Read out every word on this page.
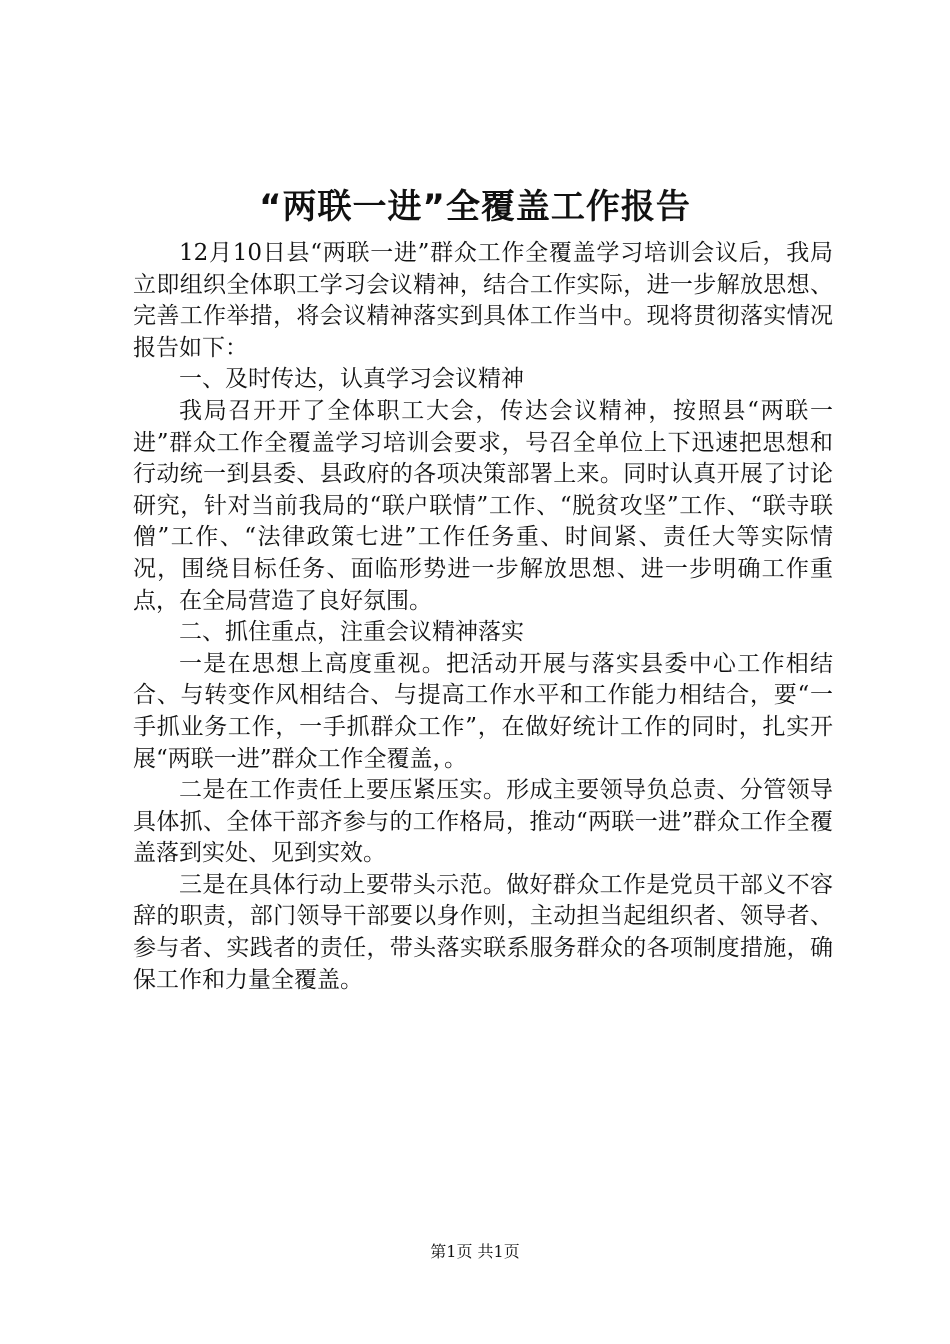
“两联一进”全覆盖工作报告

12月10日县“两联一进”群众工作全覆盖学习培训会议后，我局立即组织全体职工学习会议精神，结合工作实际，进一步解放思想、完善工作举措，将会议精神落实到具体工作当中。现将贯彻落实情况报告如下：

一、及时传达，认真学习会议精神

我局召开开了全体职工大会，传达会议精神，按照县“两联一进”群众工作全覆盖学习培训会要求，号召全单位上下迅速把思想和行动统一到县委、县政府的各项决策部署上来。同时认真开展了讨论研究，针对当前我局的“联户联情”工作、“脱贫攻坚”工作、“联寺联僧”工作、“法律政策七进”工作任务重、时间紧、责任大等实际情况，围绕目标任务、面临形势进一步解放思想、进一步明确工作重点，在全局营造了良好氛围。

二、抓住重点，注重会议精神落实

一是在思想上高度重视。把活动开展与落实县委中心工作相结合、与转变作风相结合、与提高工作水平和工作能力相结合，要“一手抓业务工作，一手抓群众工作”，在做好统计工作的同时，扎实开展“两联一进”群众工作全覆盖，。

二是在工作责任上要压紧压实。形成主要领导负总责、分管领导具体抓、全体干部齐参与的工作格局，推动“两联一进”群众工作全覆盖落到实处、见到实效。

三是在具体行动上要带头示范。做好群众工作是党员干部义不容辞的职责，部门领导干部要以身作则，主动担当起组织者、领导者、参与者、实践者的责任，带头落实联系服务群众的各项制度措施，确保工作和力量全覆盖。

第1页 共1页
